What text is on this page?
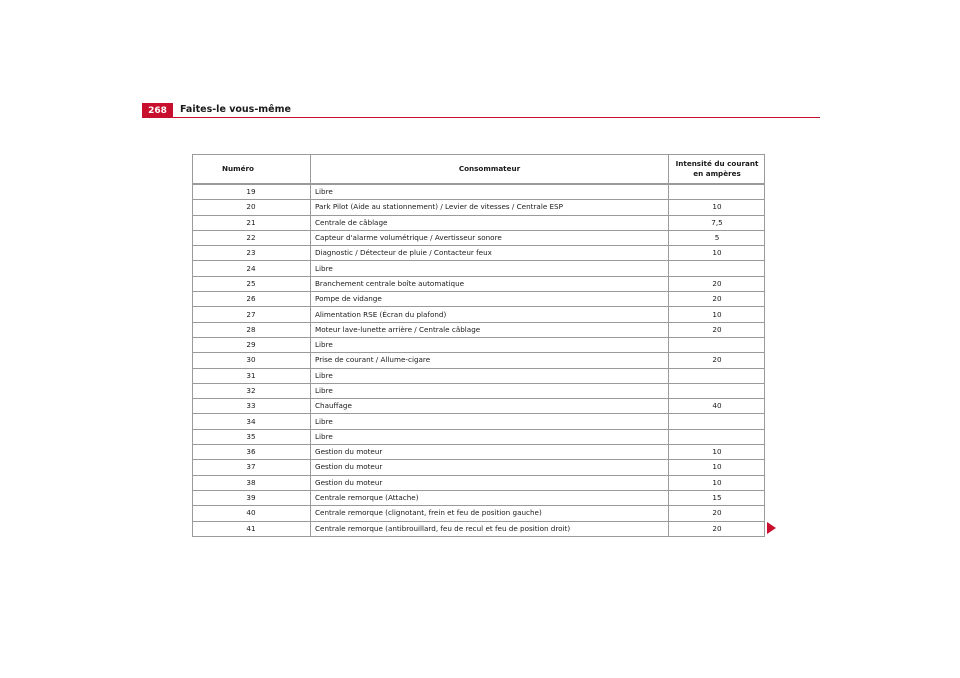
268	Faites-le vous-même
Numéro	Consommateur	Intensité du courant en ampères
19	Libre	
20	Park Pilot (Aide au stationnement) / Levier de vitesses / Centrale ESP	10
21	Centrale de câblage	7,5
22	Capteur d'alarme volumétrique / Avertisseur sonore	5
23	Diagnostic / Détecteur de pluie / Contacteur feux	10
24	Libre	
25	Branchement centrale boîte automatique	20
26	Pompe de vidange	20
27	Alimentation RSE (Écran du plafond)	10
28	Moteur lave-lunette arrière / Centrale câblage	20
29	Libre	
30	Prise de courant / Allume-cigare	20
31	Libre	
32	Libre	
33	Chauffage	40
34	Libre	
35	Libre	
36	Gestion du moteur	10
37	Gestion du moteur	10
38	Gestion du moteur	10
39	Centrale remorque (Attache)	15
40	Centrale remorque (clignotant, frein et feu de position gauche)	20
41	Centrale remorque (antibrouillard, feu de recul et feu de position droit)	20
